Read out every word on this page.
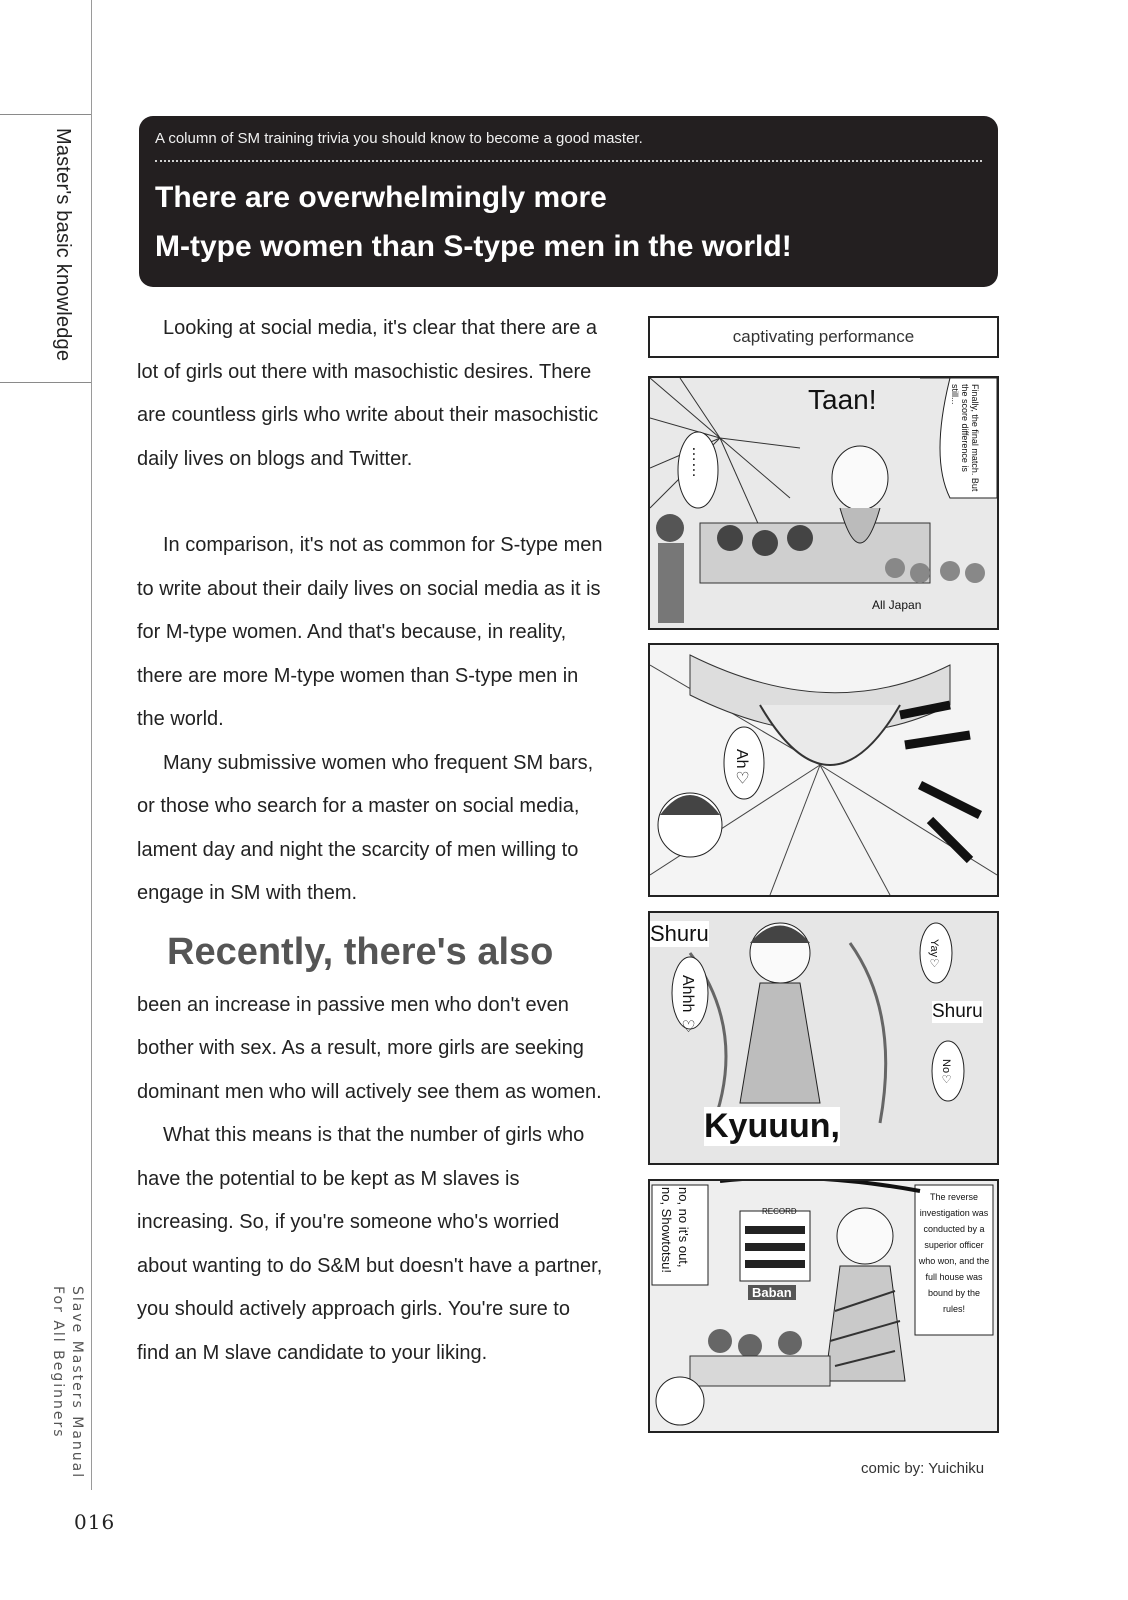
Master's basic knowledge
Slave Masters Manual
For All Beginners
016
A column of SM training trivia you should know to become a good master.
There are overwhelmingly more
M-type women than S-type men in the world!

Looking at social media, it's clear that there are a lot of girls out there with masochistic desires. There are countless girls who write about their masochistic daily lives on blogs and Twitter.

In comparison, it's not as common for S-type men to write about their daily lives on social media as it is for M-type women. And that's because, in reality, there are more M-type women than S-type men in the world.

Many submissive women who frequent SM bars, or those who search for a master on social media, lament day and night the scarcity of men willing to engage in SM with them.

Recently, there's also
been an increase in passive men who don't even bother with sex. As a result, more girls are seeking dominant men who will actively see them as women.

What this means is that the number of girls who have the potential to be kept as M slaves is increasing. So, if you're someone who's worried about wanting to do S&M but doesn't have a partner, you should actively approach girls. You're sure to find an M slave candidate to your liking.

captivating performance
Taan!
……	Finally, the final match. But the score difference is still...
All Japan
Ah♡
Shuru
Shuru
Ahhh ♡
Yay♡
No♡
Kyuuun,
no, no it's out, no, Showtotsu!	The reverse investigation was conducted by a superior officer who won, and the full house was bound by the rules!
RECORD
Baban
comic by: Yuichiku
